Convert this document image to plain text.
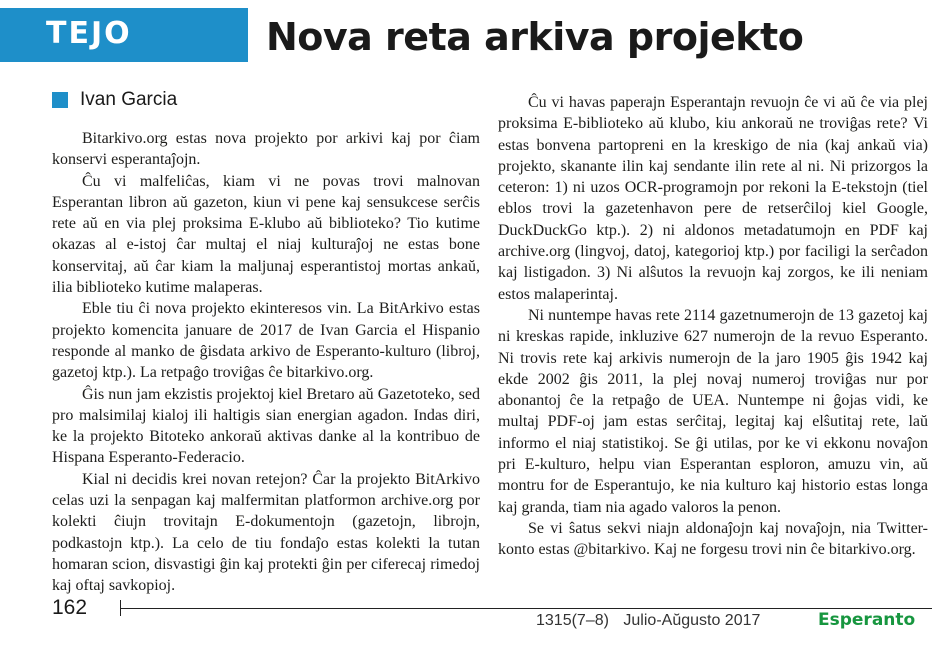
TEJO	Nova reta arkiva projekto
Ivan Garcia

Bitarkivo.org estas nova projekto por arkivi kaj por ĉiam konservi esperantaĵojn.

Ĉu vi malfeliĉas, kiam vi ne povas trovi malnovan Esperantan libron aŭ gazeton, kiun vi pene kaj sensukcese serĉis rete aŭ en via plej proksima E-klubo aŭ biblioteko? Tio kutime okazas al e-istoj ĉar multaj el niaj kulturaĵoj ne estas bone konservitaj, aŭ ĉar kiam la maljunaj esperantistoj mortas ankaŭ, ilia biblioteko kutime malaperas.

Eble tiu ĉi nova projekto ekinteresos vin. La BitArkivo estas projekto komencita januare de 2017 de Ivan Garcia el Hispanio responde al manko de ĝisdata arkivo de Esperanto-kulturo (libroj, gazetoj ktp.). La retpaĝo troviĝas ĉe bitarkivo.org.

Ĝis nun jam ekzistis projektoj kiel Bretaro aŭ Gazetoteko, sed pro malsimilaj kialoj ili haltigis sian energian agadon. Indas diri, ke la projekto Bitoteko ankoraŭ aktivas danke al la kontribuo de Hispana Esperanto-Federacio.

Kial ni decidis krei novan retejon? Ĉar la projekto BitArkivo celas uzi la senpagan kaj malfermitan platformon archive.org por kolekti ĉiujn trovitajn E-dokumentojn (gazetojn, librojn, podkastojn ktp.). La celo de tiu fondaĵo estas kolekti la tutan homaran scion, disvastigi ĝin kaj protekti ĝin per ciferecaj rimedoj kaj oftaj savkopioj.

Ĉu vi havas paperajn Esperantajn revuojn ĉe vi aŭ ĉe via plej proksima E-biblioteko aŭ klubo, kiu ankoraŭ ne troviĝas rete? Vi estas bonvena partopreni en la kreskigo de nia (kaj ankaŭ via) projekto, skanante ilin kaj sendante ilin rete al ni. Ni prizorgos la ceteron: 1) ni uzos OCR-programojn por rekoni la E-tekstojn (tiel eblos trovi la gazetenhavon pere de retserĉiloj kiel Google, DuckDuckGo ktp.). 2) ni aldonos metadatumojn en PDF kaj archive.org (lingvoj, datoj, kategorioj ktp.) por faciligi la serĉadon kaj listigadon. 3) Ni alŝutos la revuojn kaj zorgos, ke ili neniam estos malaperintaj.

Ni nuntempe havas rete 2114 gazetnumerojn de 13 gazetoj kaj ni kreskas rapide, inkluzive 627 numerojn de la revuo Esperanto. Ni trovis rete kaj arkivis numerojn de la jaro 1905 ĝis 1942 kaj ekde 2002 ĝis 2011, la plej novaj numeroj troviĝas nur por abonantoj ĉe la retpaĝo de UEA. Nuntempe ni ĝojas vidi, ke multaj PDF-oj jam estas serĉitaj, legitaj kaj elŝutitaj rete, laŭ informo el niaj statistikoj. Se ĝi utilas, por ke vi ekkonu novaĵon pri E-kulturo, helpu vian Esperantan esploron, amuzu vin, aŭ montru for de Esperantujo, ke nia kulturo kaj historio estas longa kaj granda, tiam nia agado valoros la penon.

Se vi ŝatus sekvi niajn aldonaĵojn kaj novaĵojn, nia Twitter-konto estas @bitarkivo. Kaj ne forgesu trovi nin ĉe bitarkivo.org.

162
1315(7–8) Julio-Aŭgusto 2017	Esperanto
